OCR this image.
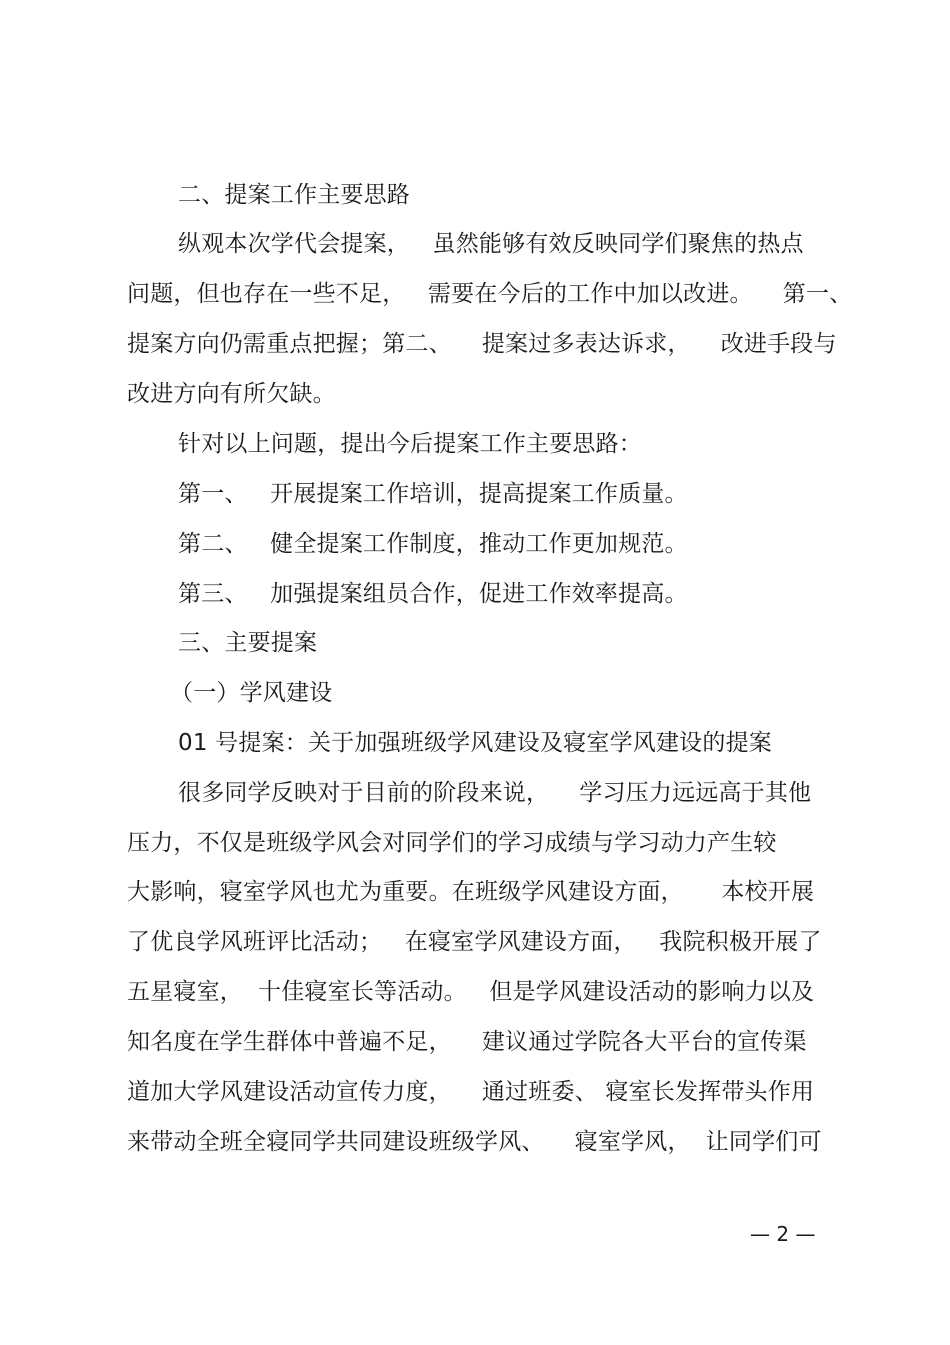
二、提案工作主要思路
纵观本次学代会提案，   虽然能够有效反映同学们聚焦的热点
问题，但也存在一些不足，   需要在今后的工作中加以改进。    第一、
提案方向仍需重点把握；第二、    提案过多表达诉求，    改进手段与
改进方向有所欠缺。
针对以上问题，提出今后提案工作主要思路：
第一、   开展提案工作培训，提高提案工作质量。
第二、   健全提案工作制度，推动工作更加规范。
第三、   加强提案组员合作，促进工作效率提高。
三、主要提案
（一）学风建设
01 号提案：关于加强班级学风建设及寝室学风建设的提案
很多同学反映对于目前的阶段来说，    学习压力远远高于其他
压力，不仅是班级学风会对同学们的学习成绩与学习动力产生较
大影响，寝室学风也尤为重要。在班级学风建设方面，     本校开展
了优良学风班评比活动；   在寝室学风建设方面，   我院积极开展了
五星寝室，  十佳寝室长等活动。   但是学风建设活动的影响力以及
知名度在学生群体中普遍不足，    建议通过学院各大平台的宣传渠
道加大学风建设活动宣传力度，    通过班委、 寝室长发挥带头作用
来带动全班全寝同学共同建设班级学风、    寝室学风，  让同学们可
— 2 —
